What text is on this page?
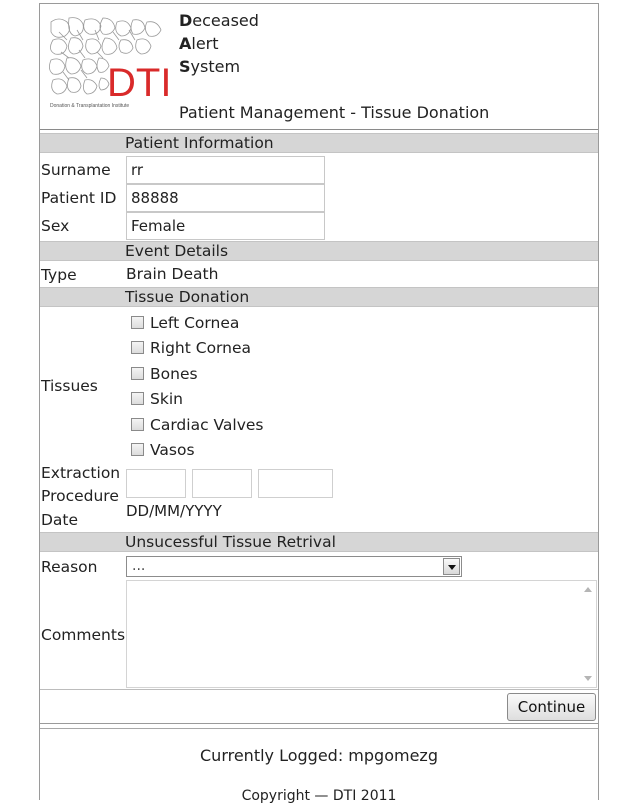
DTI
Donation & Transplantation Institute
Deceased
Alert
System
Patient Management - Tissue Donation
Patient Information
Surname	rr
Patient ID 88888
Sex	Female
Event Details
Type	Brain Death
Tissue Donation
Tissues
Left Cornea
Right Cornea
Bones
Skin
Cardiac Valves
Vasos
Extraction
Procedure
Date	DD/MM/YYYY
Unsucessful Tissue Retrival
Reason ...
Comments
Continue
Currently Logged: mpgomezg
Copyright — DTI 2011
